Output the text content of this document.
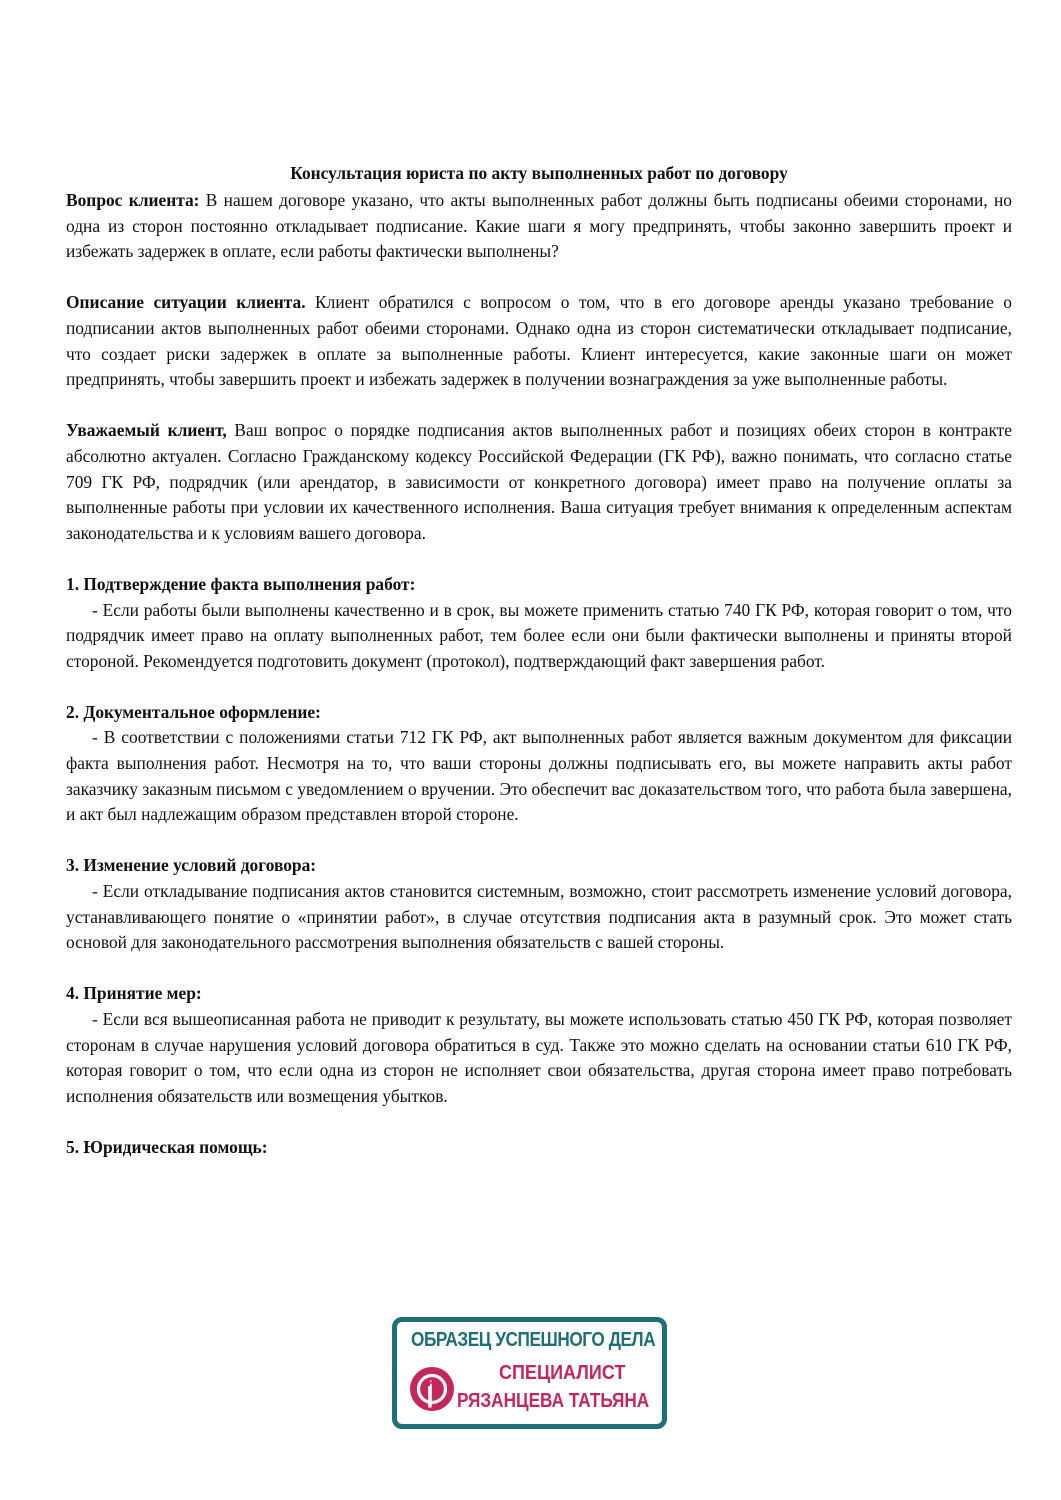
Консультация юриста по акту выполненных работ по договору

Вопрос клиента: В нашем договоре указано, что акты выполненных работ должны быть подписаны обеими сторонами, но одна из сторон постоянно откладывает подписание. Какие шаги я могу предпринять, чтобы законно завершить проект и избежать задержек в оплате, если работы фактически выполнены?

Описание ситуации клиента. Клиент обратился с вопросом о том, что в его договоре аренды указано требование о подписании актов выполненных работ обеими сторонами. Однако одна из сторон систематически откладывает подписание, что создает риски задержек в оплате за выполненные работы. Клиент интересуется, какие законные шаги он может предпринять, чтобы завершить проект и избежать задержек в получении вознаграждения за уже выполненные работы.

Уважаемый клиент, Ваш вопрос о порядке подписания актов выполненных работ и позициях обеих сторон в контракте абсолютно актуален. Согласно Гражданскому кодексу Российской Федерации (ГК РФ), важно понимать, что согласно статье 709 ГК РФ, подрядчик (или арендатор, в зависимости от конкретного договора) имеет право на получение оплаты за выполненные работы при условии их качественного исполнения. Ваша ситуация требует внимания к определенным аспектам законодательства и к условиям вашего договора.

1. Подтверждение факта выполнения работ:

- Если работы были выполнены качественно и в срок, вы можете применить статью 740 ГК РФ, которая говорит о том, что подрядчик имеет право на оплату выполненных работ, тем более если они были фактически выполнены и приняты второй стороной. Рекомендуется подготовить документ (протокол), подтверждающий факт завершения работ.

2. Документальное оформление:

- В соответствии с положениями статьи 712 ГК РФ, акт выполненных работ является важным документом для фиксации факта выполнения работ. Несмотря на то, что ваши стороны должны подписывать его, вы можете направить акты работ заказчику заказным письмом с уведомлением о вручении. Это обеспечит вас доказательством того, что работа была завершена, и акт был надлежащим образом представлен второй стороне.

3. Изменение условий договора:

- Если откладывание подписания актов становится системным, возможно, стоит рассмотреть изменение условий договора, устанавливающего понятие о «принятии работ», в случае отсутствия подписания акта в разумный срок. Это может стать основой для законодательного рассмотрения выполнения обязательств с вашей стороны.

4. Принятие мер:

- Если вся вышеописанная работа не приводит к результату, вы можете использовать статью 450 ГК РФ, которая позволяет сторонам в случае нарушения условий договора обратиться в суд. Также это можно сделать на основании статьи 610 ГК РФ, которая говорит о том, что если одна из сторон не исполняет свои обязательства, другая сторона имеет право потребовать исполнения обязательств или возмещения убытков.

5. Юридическая помощь:

ОБРАЗЕЦ УСПЕШНОГО ДЕЛА
СПЕЦИАЛИСТ
РЯЗАНЦЕВА ТАТЬЯНА
